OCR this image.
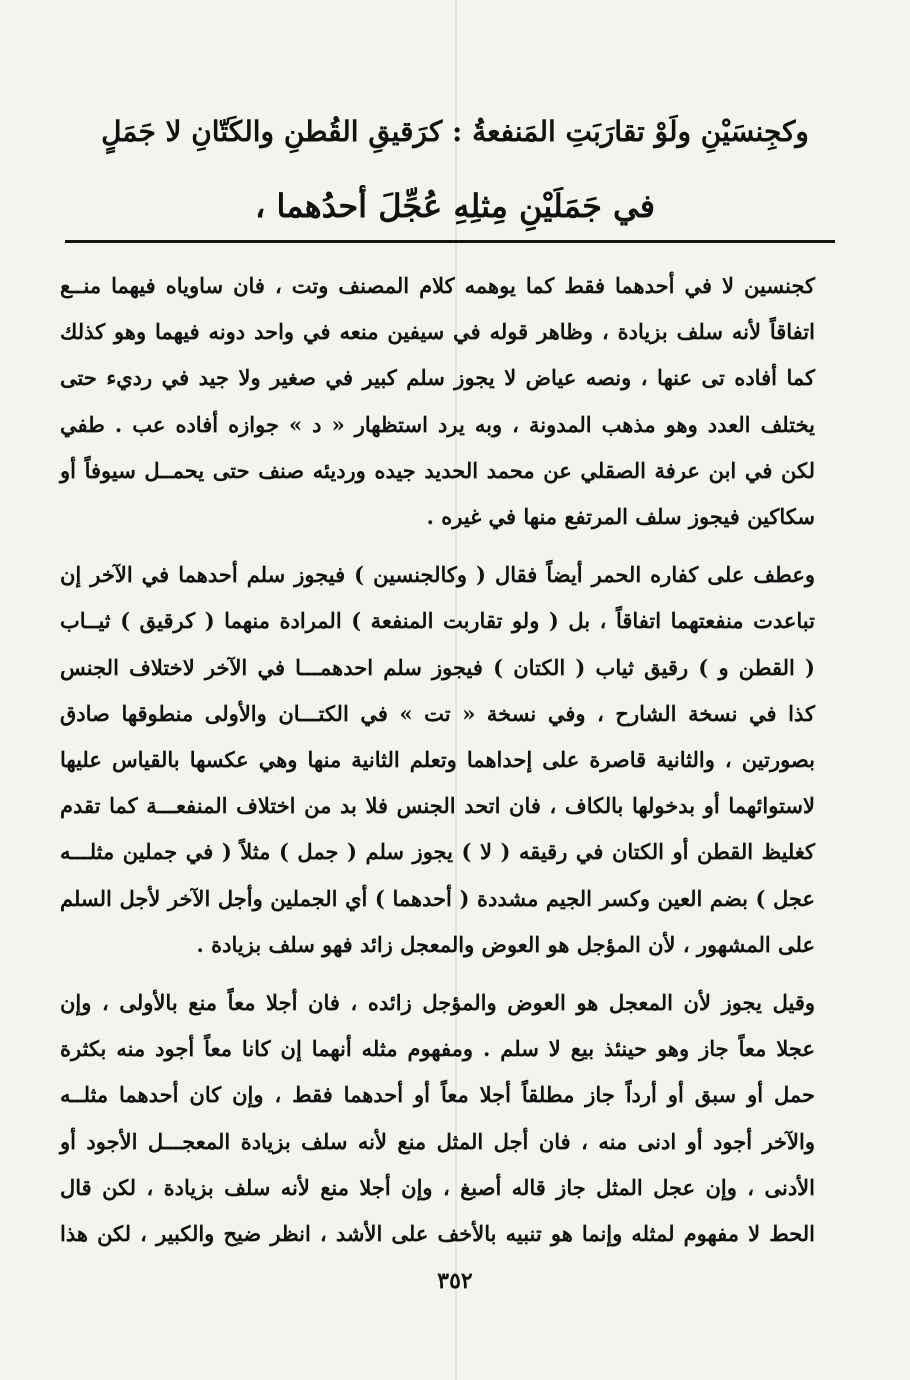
وكجِنسَيْنِ ولَوْ تقارَبَتِ المَنفعةُ : كرَقيقِ القُطنِ والكَتّانِ لا جَمَلٍ
في جَمَلَيْنِ مِثلِهِ عُجِّلَ أحدُهما ،
كجنسين لا في أحدهما فقط كما يوهمه كلام المصنف وتت ، فان ساوياه فيهما منــع
اتفاقاً لأنه سلف بزيادة ، وظاهر قوله في سيفين منعه في واحد دونه فيهما وهو كذلك
كما أفاده تى عنها ، ونصه عياض لا يجوز سلم كبير في صغير ولا جيد في رديء حتى
يختلف العدد وهو مذهب المدونة ، وبه يرد استظهار « د » جوازه أفاده عب . طفي
لكن في ابن عرفة الصقلي عن محمد الحديد جيده ورديئه صنف حتى يحمــل سيوفاً أو
سكاكين فيجوز سلف المرتفع منها في غيره .
وعطف على كفاره الحمر أيضاً فقال ( وكالجنسين ) فيجوز سلم أحدهما في الآخر إن
تباعدت منفعتهما اتفاقاً ، بل ( ولو تقاربت المنفعة ) المرادة منهما ( كرقيق ) ثيــاب
( القطن و ) رقيق ثياب ( الكتان ) فيجوز سلم احدهمـــا في الآخر لاختلاف الجنس
كذا في نسخة الشارح ، وفي نسخة « تت » في الكتـــان والأولى منطوقها صادق
بصورتين ، والثانية قاصرة على إحداهما وتعلم الثانية منها وهي عكسها بالقياس عليها
لاستوائهما أو بدخولها بالكاف ، فان اتحد الجنس فلا بد من اختلاف المنفعـــة كما تقدم
كغليظ القطن أو الكتان في رقيقه ( لا ) يجوز سلم ( جمل ) مثلاً ( في جملين مثلـــه
عجل ) بضم العين وكسر الجيم مشددة ( أحدهما ) أي الجملين وأجل الآخر لأجل السلم
على المشهور ، لأن المؤجل هو العوض والمعجل زائد فهو سلف بزيادة .
وقيل يجوز لأن المعجل هو العوض والمؤجل زائده ، فان أجلا معاً منع بالأولى ، وإن
عجلا معاً جاز وهو حينئذ بيع لا سلم . ومفهوم مثله أنهما إن كانا معاً أجود منه بكثرة
حمل أو سبق أو أرداً جاز مطلقاً أجلا معاً أو أحدهما فقط ، وإن كان أحدهما مثلــه
والآخر أجود أو ادنى منه ، فان أجل المثل منع لأنه سلف بزيادة المعجـــل الأجود أو
الأدنى ، وإن عجل المثل جاز قاله أصبغ ، وإن أجلا منع لأنه سلف بزيادة ، لكن قال
الحط لا مفهوم لمثله وإنما هو تنبيه بالأخف على الأشد ، انظر ضيح والكبير ، لكن هذا
٣٥٢
